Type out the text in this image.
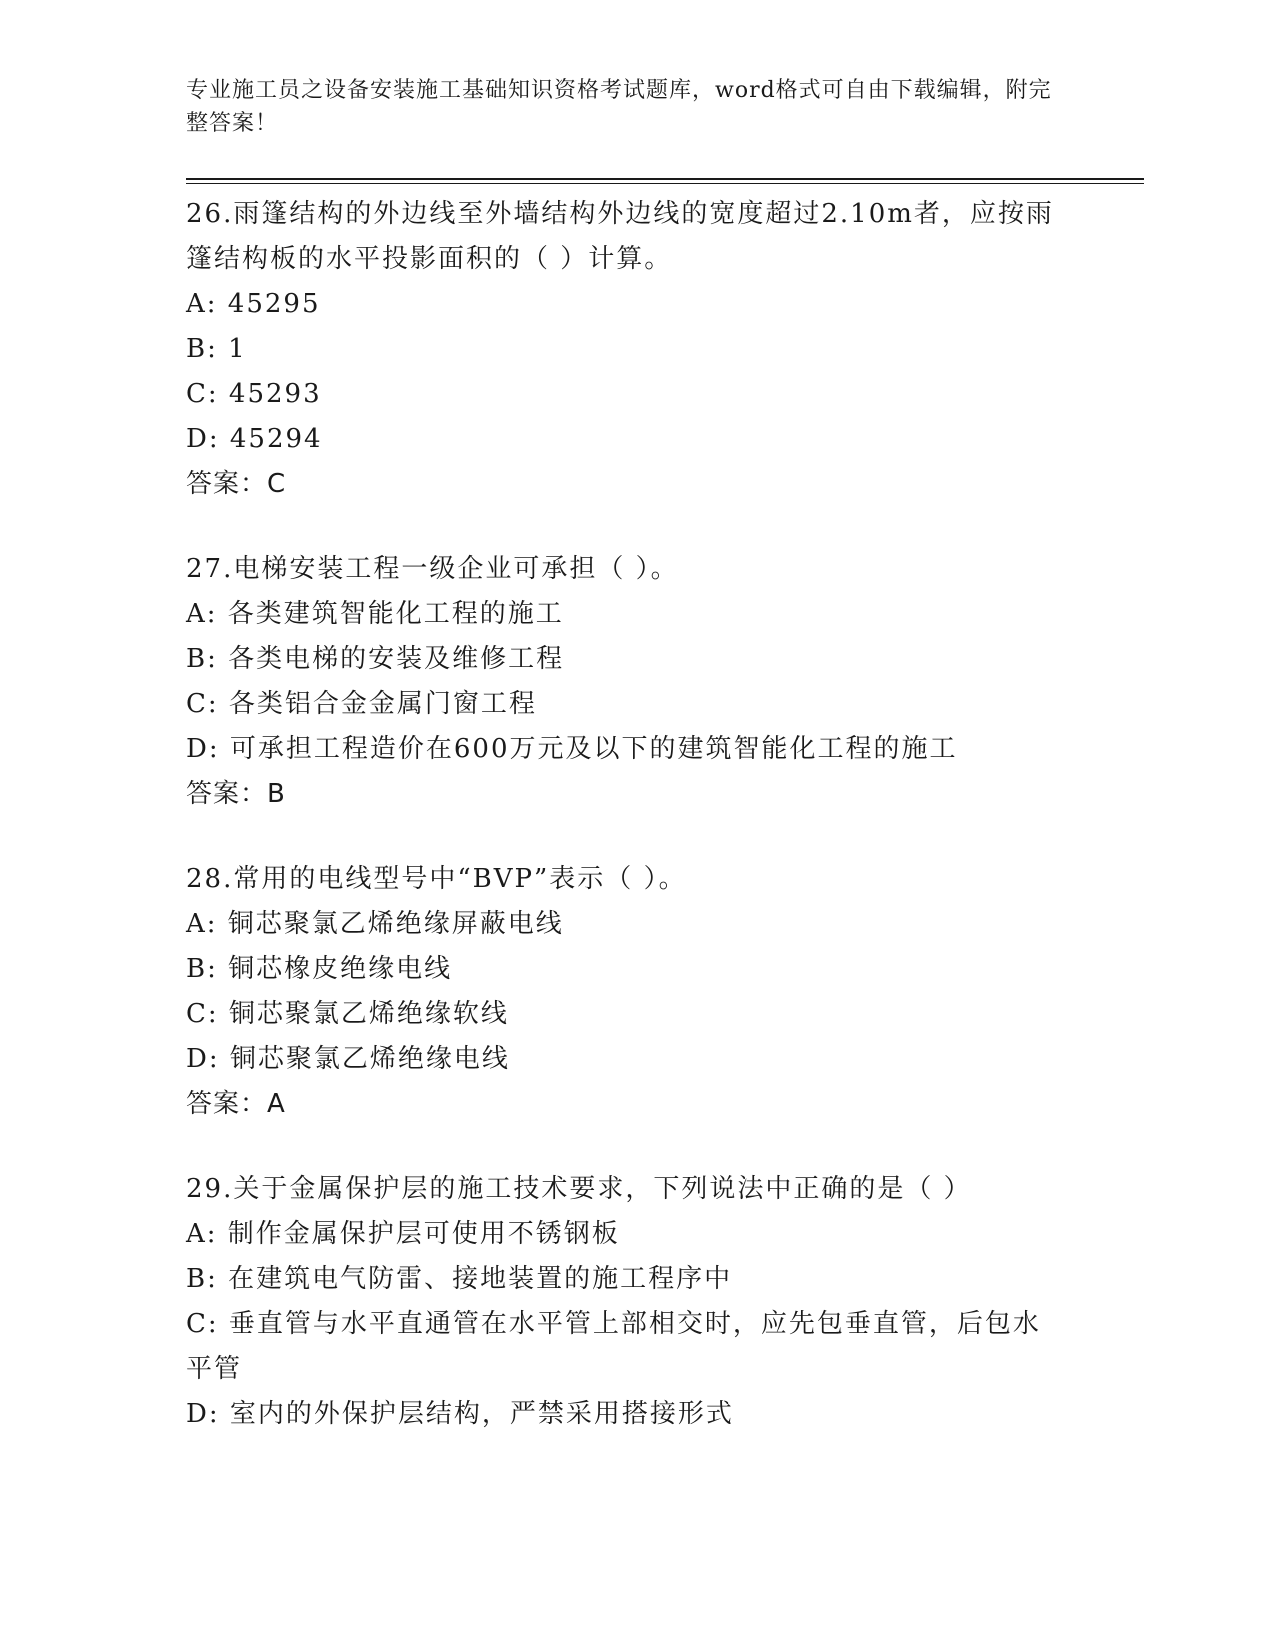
专业施工员之设备安装施工基础知识资格考试题库，word格式可自由下载编辑，附完整答案！

26.雨篷结构的外边线至外墙结构外边线的宽度超过2.10m者，应按雨篷结构板的水平投影面积的（ ）计算。

A: 45295

B: 1

C: 45293

D: 45294

答案：C

27.电梯安装工程一级企业可承担（ ）。

A: 各类建筑智能化工程的施工

B: 各类电梯的安装及维修工程

C: 各类铝合金金属门窗工程

D: 可承担工程造价在600万元及以下的建筑智能化工程的施工

答案：B

28.常用的电线型号中“BVP”表示（ ）。

A: 铜芯聚氯乙烯绝缘屏蔽电线

B: 铜芯橡皮绝缘电线

C: 铜芯聚氯乙烯绝缘软线

D: 铜芯聚氯乙烯绝缘电线

答案：A

29.关于金属保护层的施工技术要求，下列说法中正确的是（ ）

A: 制作金属保护层可使用不锈钢板

B: 在建筑电气防雷、接地装置的施工程序中

C: 垂直管与水平直通管在水平管上部相交时，应先包垂直管，后包水平管

D: 室内的外保护层结构，严禁采用搭接形式
